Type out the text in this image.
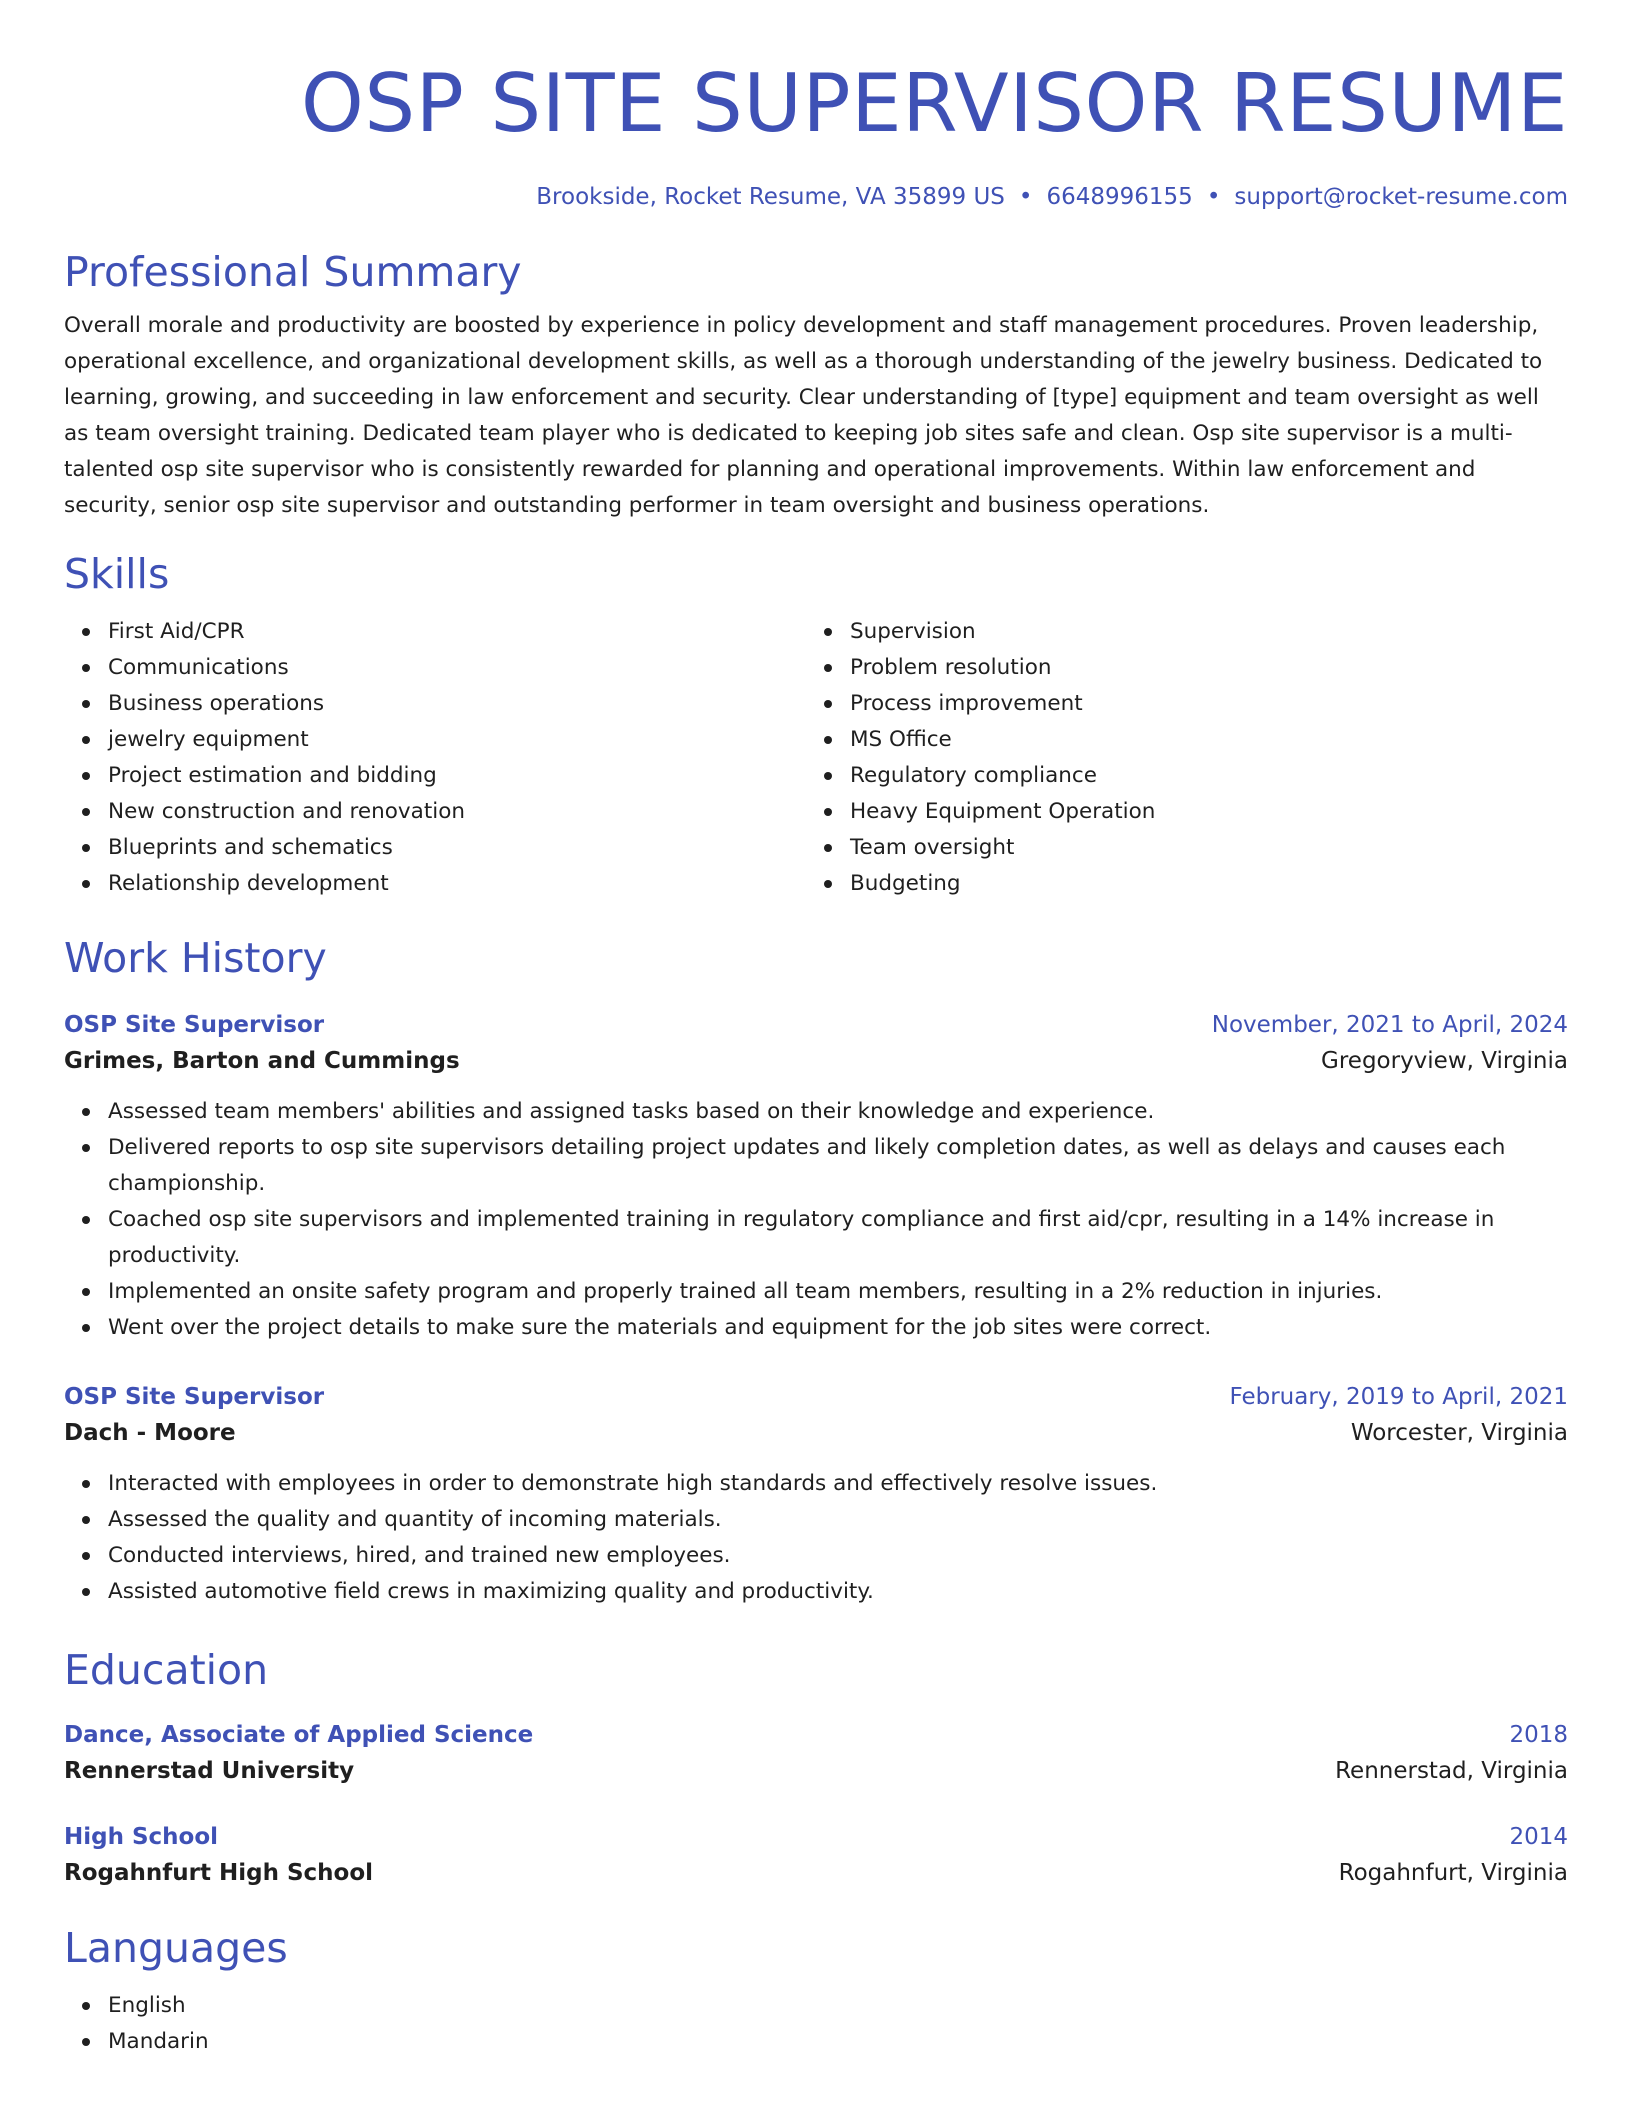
OSP SITE SUPERVISOR RESUME
Brookside, Rocket Resume, VA 35899 US • 6648996155 • support@rocket-resume.com
Professional Summary
Overall morale and productivity are boosted by experience in policy development and staff management procedures. Proven leadership, operational excellence, and organizational development skills, as well as a thorough understanding of the jewelry business. Dedicated to learning, growing, and succeeding in law enforcement and security. Clear understanding of [type] equipment and team oversight as well as team oversight training. Dedicated team player who is dedicated to keeping job sites safe and clean. Osp site supervisor is a multi-talented osp site supervisor who is consistently rewarded for planning and operational improvements. Within law enforcement and security, senior osp site supervisor and outstanding performer in team oversight and business operations.
Skills
First Aid/CPR
Communications
Business operations
jewelry equipment
Project estimation and bidding
New construction and renovation
Blueprints and schematics
Relationship development
Supervision
Problem resolution
Process improvement
MS Office
Regulatory compliance
Heavy Equipment Operation
Team oversight
Budgeting
Work History
OSP Site Supervisor	November, 2021 to April, 2024
Grimes, Barton and Cummings	Gregoryview, Virginia
Assessed team members' abilities and assigned tasks based on their knowledge and experience.
Delivered reports to osp site supervisors detailing project updates and likely completion dates, as well as delays and causes each championship.
Coached osp site supervisors and implemented training in regulatory compliance and first aid/cpr, resulting in a 14% increase in productivity.
Implemented an onsite safety program and properly trained all team members, resulting in a 2% reduction in injuries.
Went over the project details to make sure the materials and equipment for the job sites were correct.
OSP Site Supervisor	February, 2019 to April, 2021
Dach - Moore	Worcester, Virginia
Interacted with employees in order to demonstrate high standards and effectively resolve issues.
Assessed the quality and quantity of incoming materials.
Conducted interviews, hired, and trained new employees.
Assisted automotive field crews in maximizing quality and productivity.
Education
Dance, Associate of Applied Science	2018
Rennerstad University	Rennerstad, Virginia
High School	2014
Rogahnfurt High School	Rogahnfurt, Virginia
Languages
English
Mandarin
